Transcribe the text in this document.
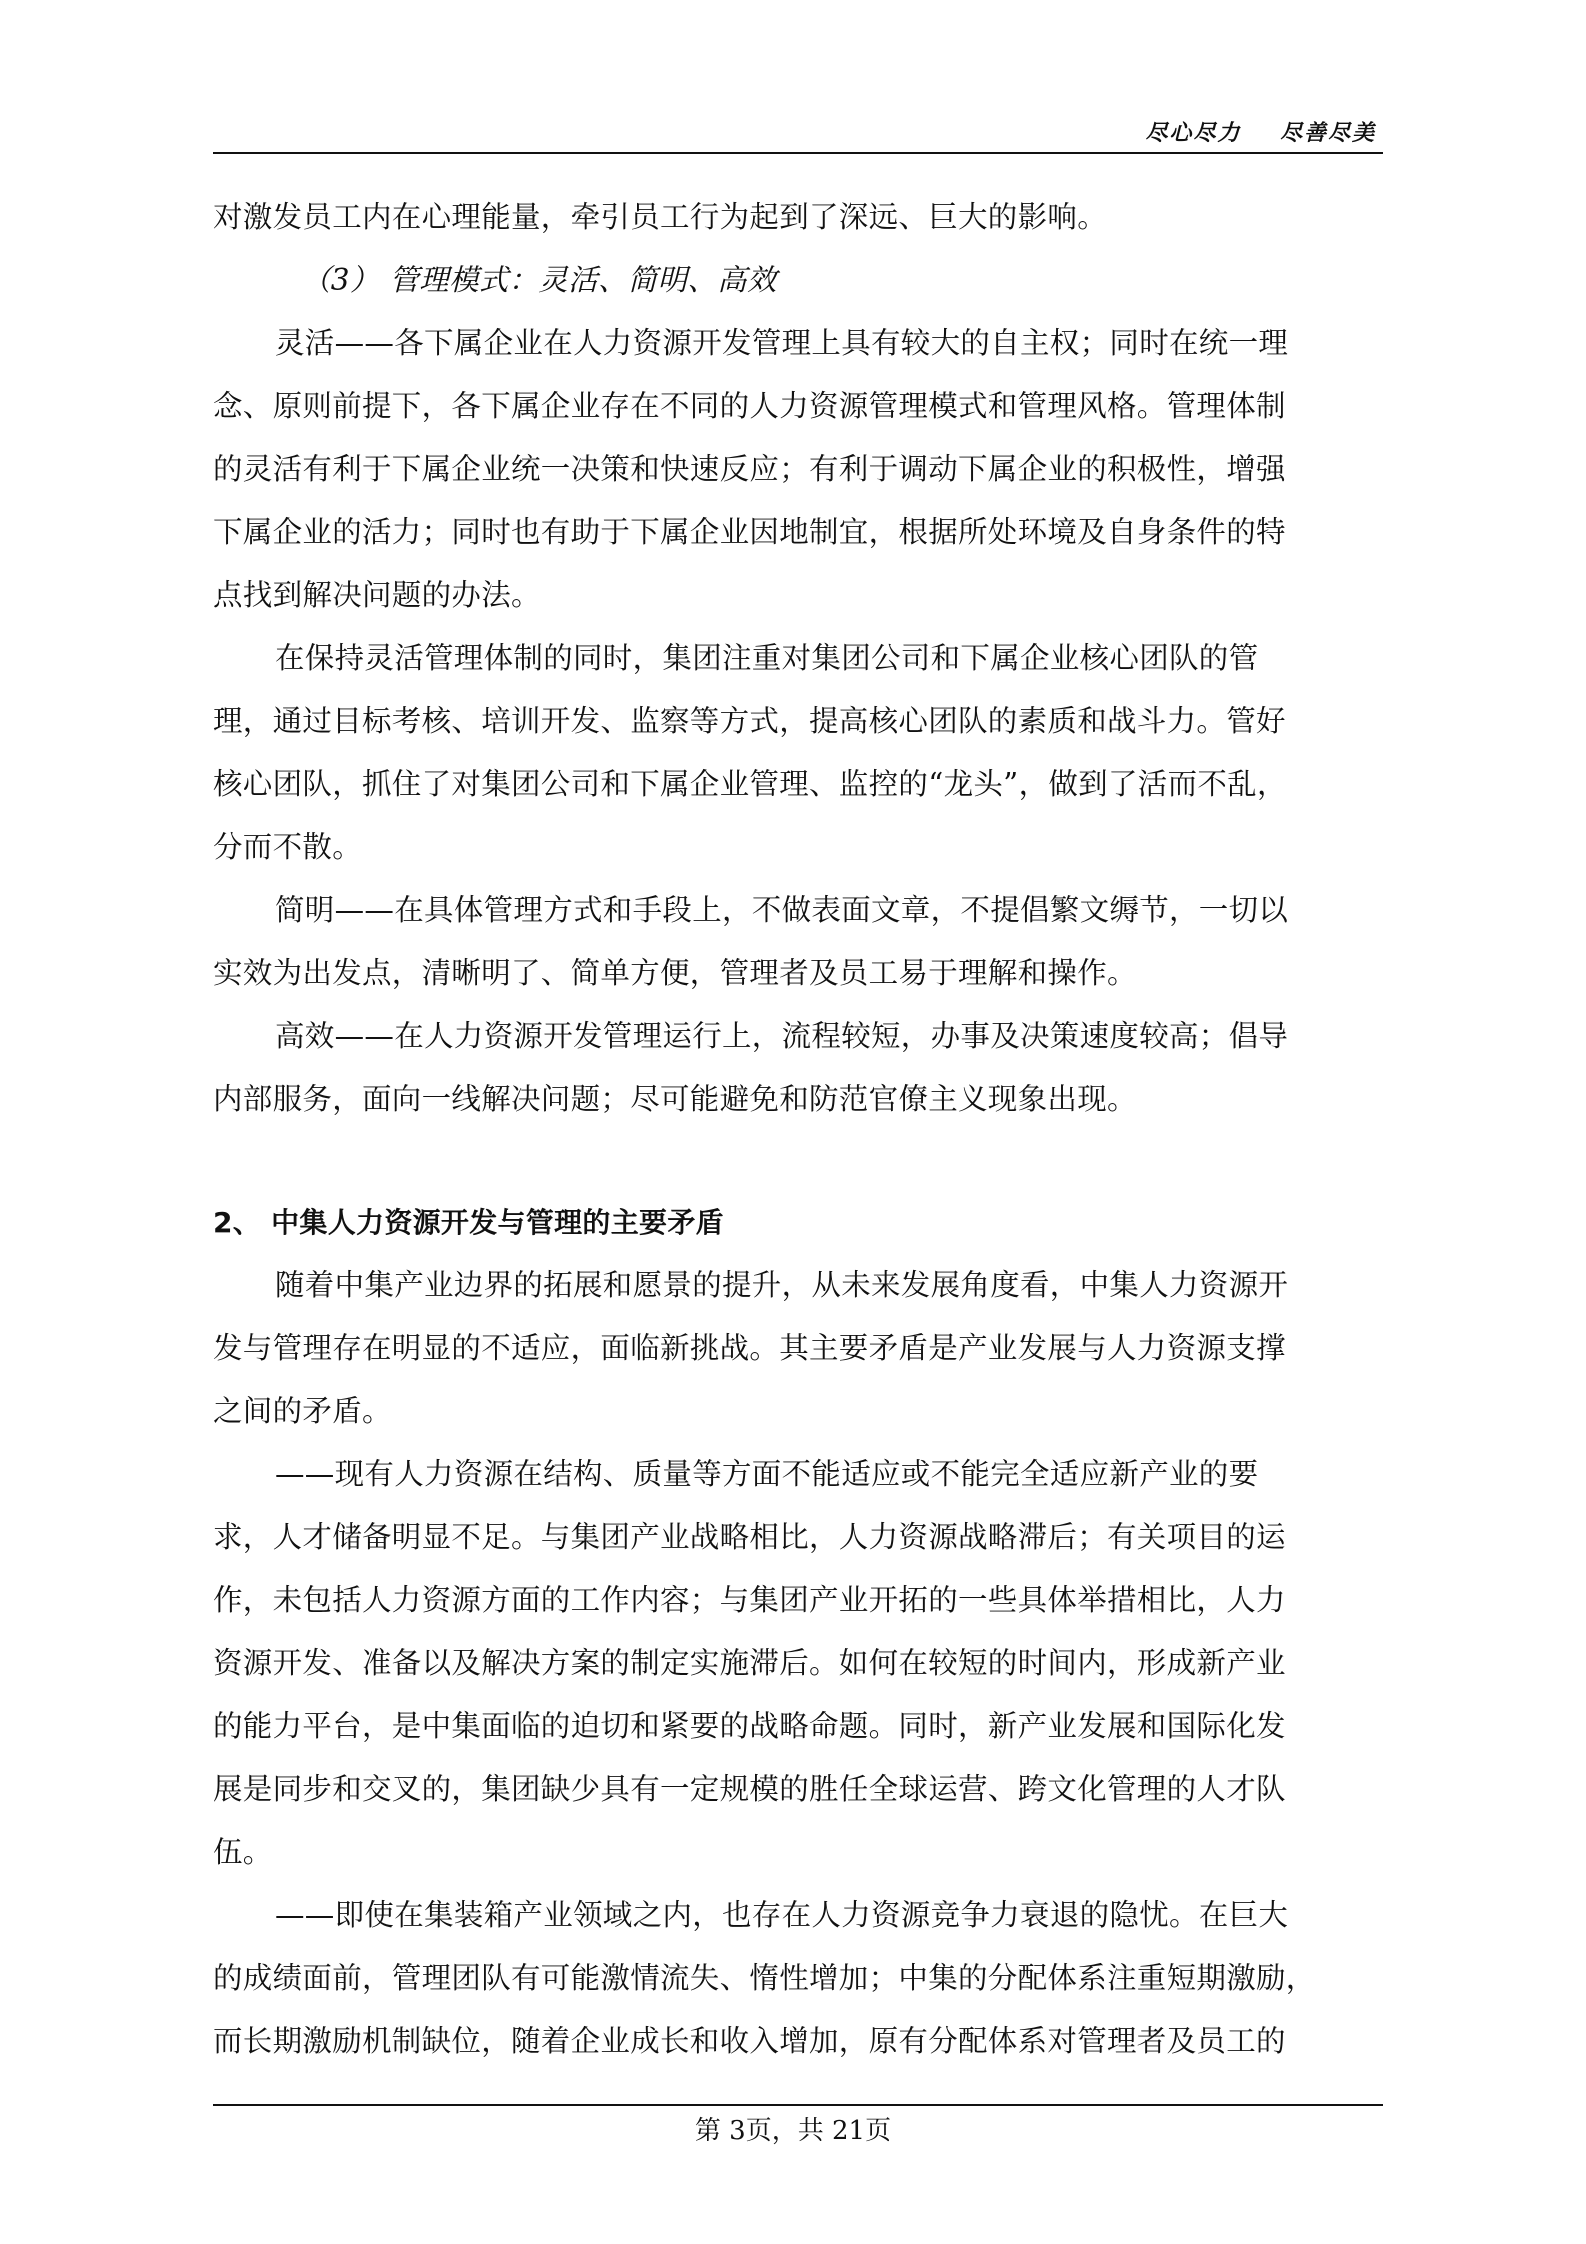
尽心尽力    尽善尽美
对激发员工内在心理能量，牵引员工行为起到了深远、巨大的影响。
（3） 管理模式：灵活、简明、高效
灵活——各下属企业在人力资源开发管理上具有较大的自主权；同时在统一理
念、原则前提下，各下属企业存在不同的人力资源管理模式和管理风格。管理体制
的灵活有利于下属企业统一决策和快速反应；有利于调动下属企业的积极性，增强
下属企业的活力；同时也有助于下属企业因地制宜，根据所处环境及自身条件的特
点找到解决问题的办法。
在保持灵活管理体制的同时，集团注重对集团公司和下属企业核心团队的管
理，通过目标考核、培训开发、监察等方式，提高核心团队的素质和战斗力。管好
核心团队，抓住了对集团公司和下属企业管理、监控的“龙头”，做到了活而不乱，
分而不散。
简明——在具体管理方式和手段上，不做表面文章，不提倡繁文缛节，一切以
实效为出发点，清晰明了、简单方便，管理者及员工易于理解和操作。
高效——在人力资源开发管理运行上，流程较短，办事及决策速度较高；倡导
内部服务，面向一线解决问题；尽可能避免和防范官僚主义现象出现。
2、 中集人力资源开发与管理的主要矛盾
随着中集产业边界的拓展和愿景的提升，从未来发展角度看，中集人力资源开
发与管理存在明显的不适应，面临新挑战。其主要矛盾是产业发展与人力资源支撑
之间的矛盾。
——现有人力资源在结构、质量等方面不能适应或不能完全适应新产业的要
求，人才储备明显不足。与集团产业战略相比，人力资源战略滞后；有关项目的运
作，未包括人力资源方面的工作内容；与集团产业开拓的一些具体举措相比，人力
资源开发、准备以及解决方案的制定实施滞后。如何在较短的时间内，形成新产业
的能力平台，是中集面临的迫切和紧要的战略命题。同时，新产业发展和国际化发
展是同步和交叉的，集团缺少具有一定规模的胜任全球运营、跨文化管理的人才队
伍。
——即使在集装箱产业领域之内，也存在人力资源竞争力衰退的隐忧。在巨大
的成绩面前，管理团队有可能激情流失、惰性增加；中集的分配体系注重短期激励，
而长期激励机制缺位，随着企业成长和收入增加，原有分配体系对管理者及员工的
第 3页，共 21页
